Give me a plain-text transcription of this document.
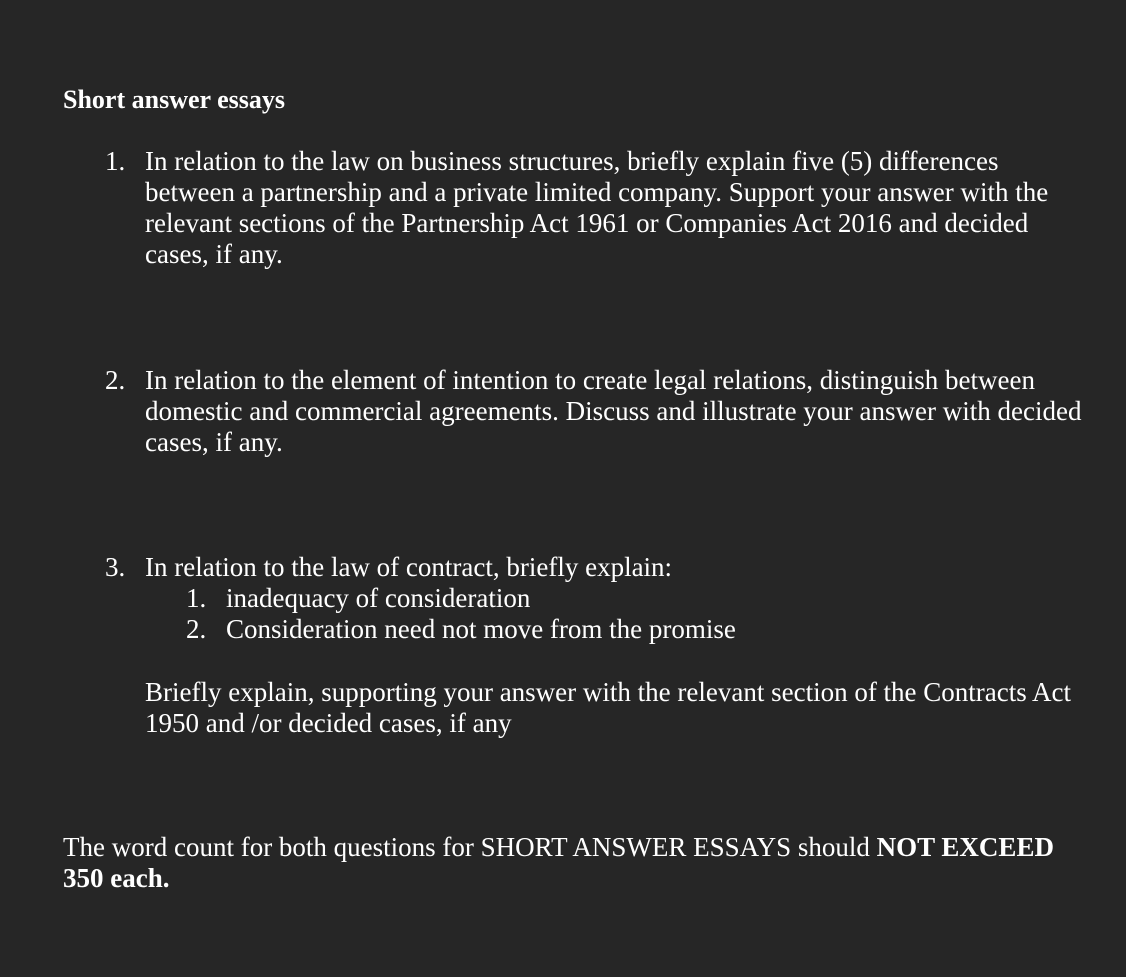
Short answer essays
1. In relation to the law on business structures, briefly explain five (5) differences between a partnership and a private limited company. Support your answer with the relevant sections of the Partnership Act 1961 or Companies Act 2016 and decided cases, if any.
2. In relation to the element of intention to create legal relations, distinguish between domestic and commercial agreements. Discuss and illustrate your answer with decided cases, if any.
3. In relation to the law of contract, briefly explain:
1. inadequacy of consideration
2. Consideration need not move from the promise
Briefly explain, supporting your answer with the relevant section of the Contracts Act 1950 and /or decided cases, if any
The word count for both questions for SHORT ANSWER ESSAYS should NOT EXCEED 350 each.
